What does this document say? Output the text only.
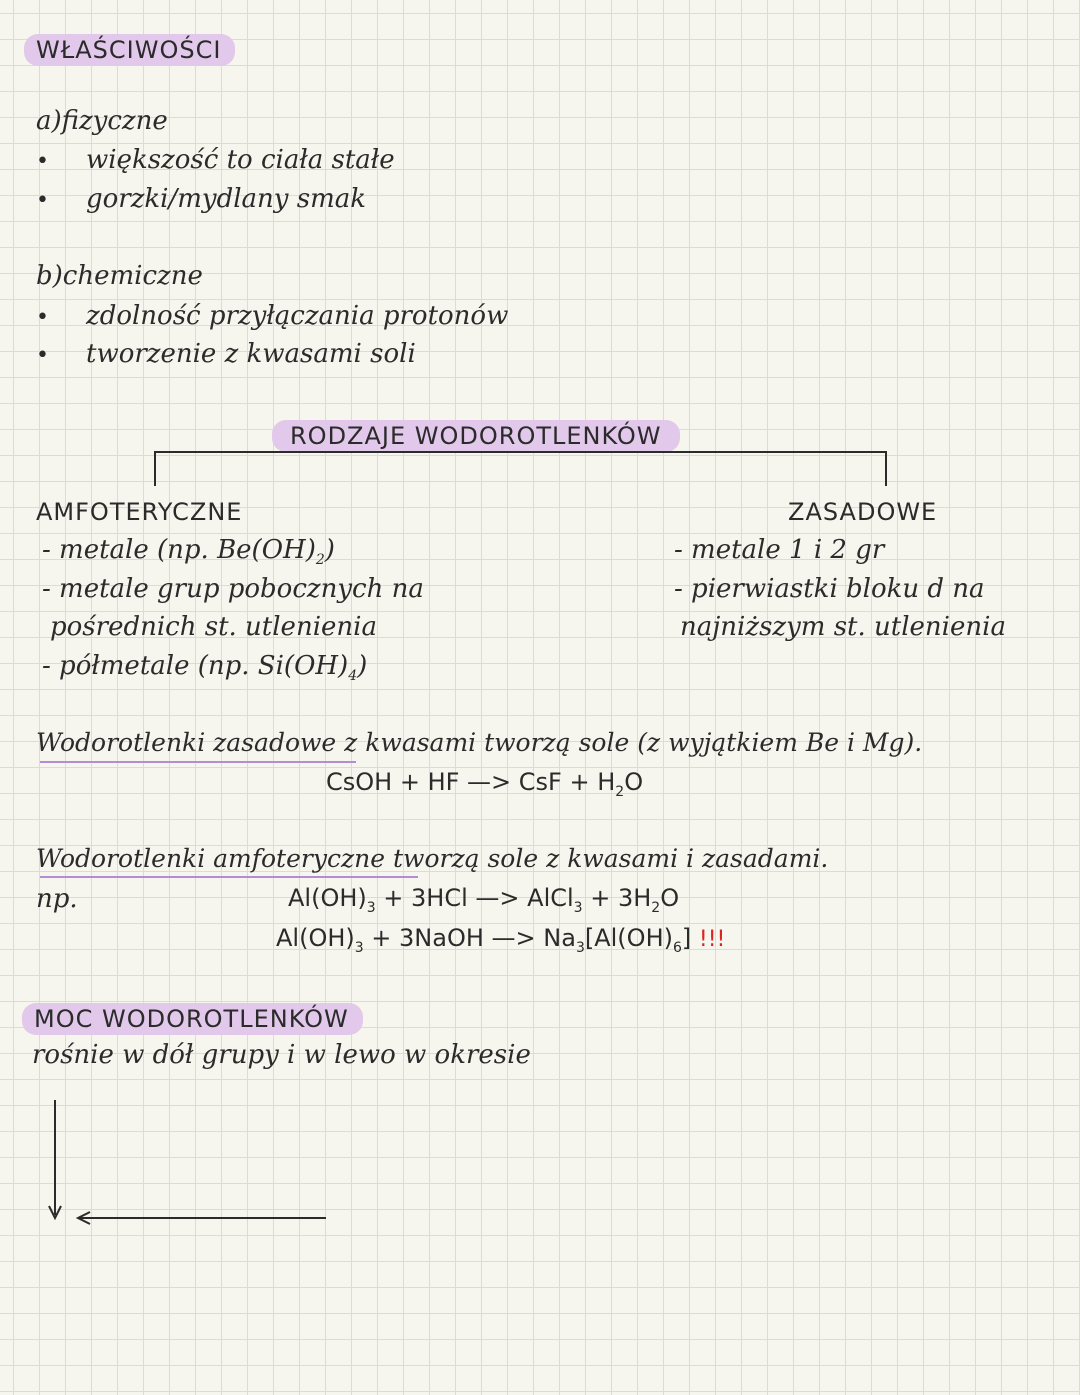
WŁAŚCIWOŚCI
a)fizyczne
• większość to ciała stałe
• gorzki/mydlany smak
b)chemiczne
• zdolność przyłączania protonów
• tworzenie z kwasami soli
RODZAJE WODOROTLENKÓW
AMFOTERYCZNE
- metale (np. $Be(OH)_2$)
- metale grup pobocznych na
pośrednich st. utlenienia
- półmetale (np. $Si(OH)_4$)
ZASADOWE
- metale 1 i 2 gr
- pierwiastki bloku d na
najniższym st. utlenienia
Wodorotlenki zasadowe z kwasami tworzą sole (z wyjątkiem Be i Mg).
CsOH + HF —> CsF + $H_2O$
Wodorotlenki amfoteryczne tworzą sole z kwasami i zasadami.
np.	$Al(OH)_3 + 3HCl$ —> AlCl$_3$ + $3H_2O$
$Al(OH)_3$ + 3NaOH —> $Na_3[Al(OH)_6]$ !!!
MOC WODOROTLENKÓW
rośnie w dół grupy i w lewo w okresie
